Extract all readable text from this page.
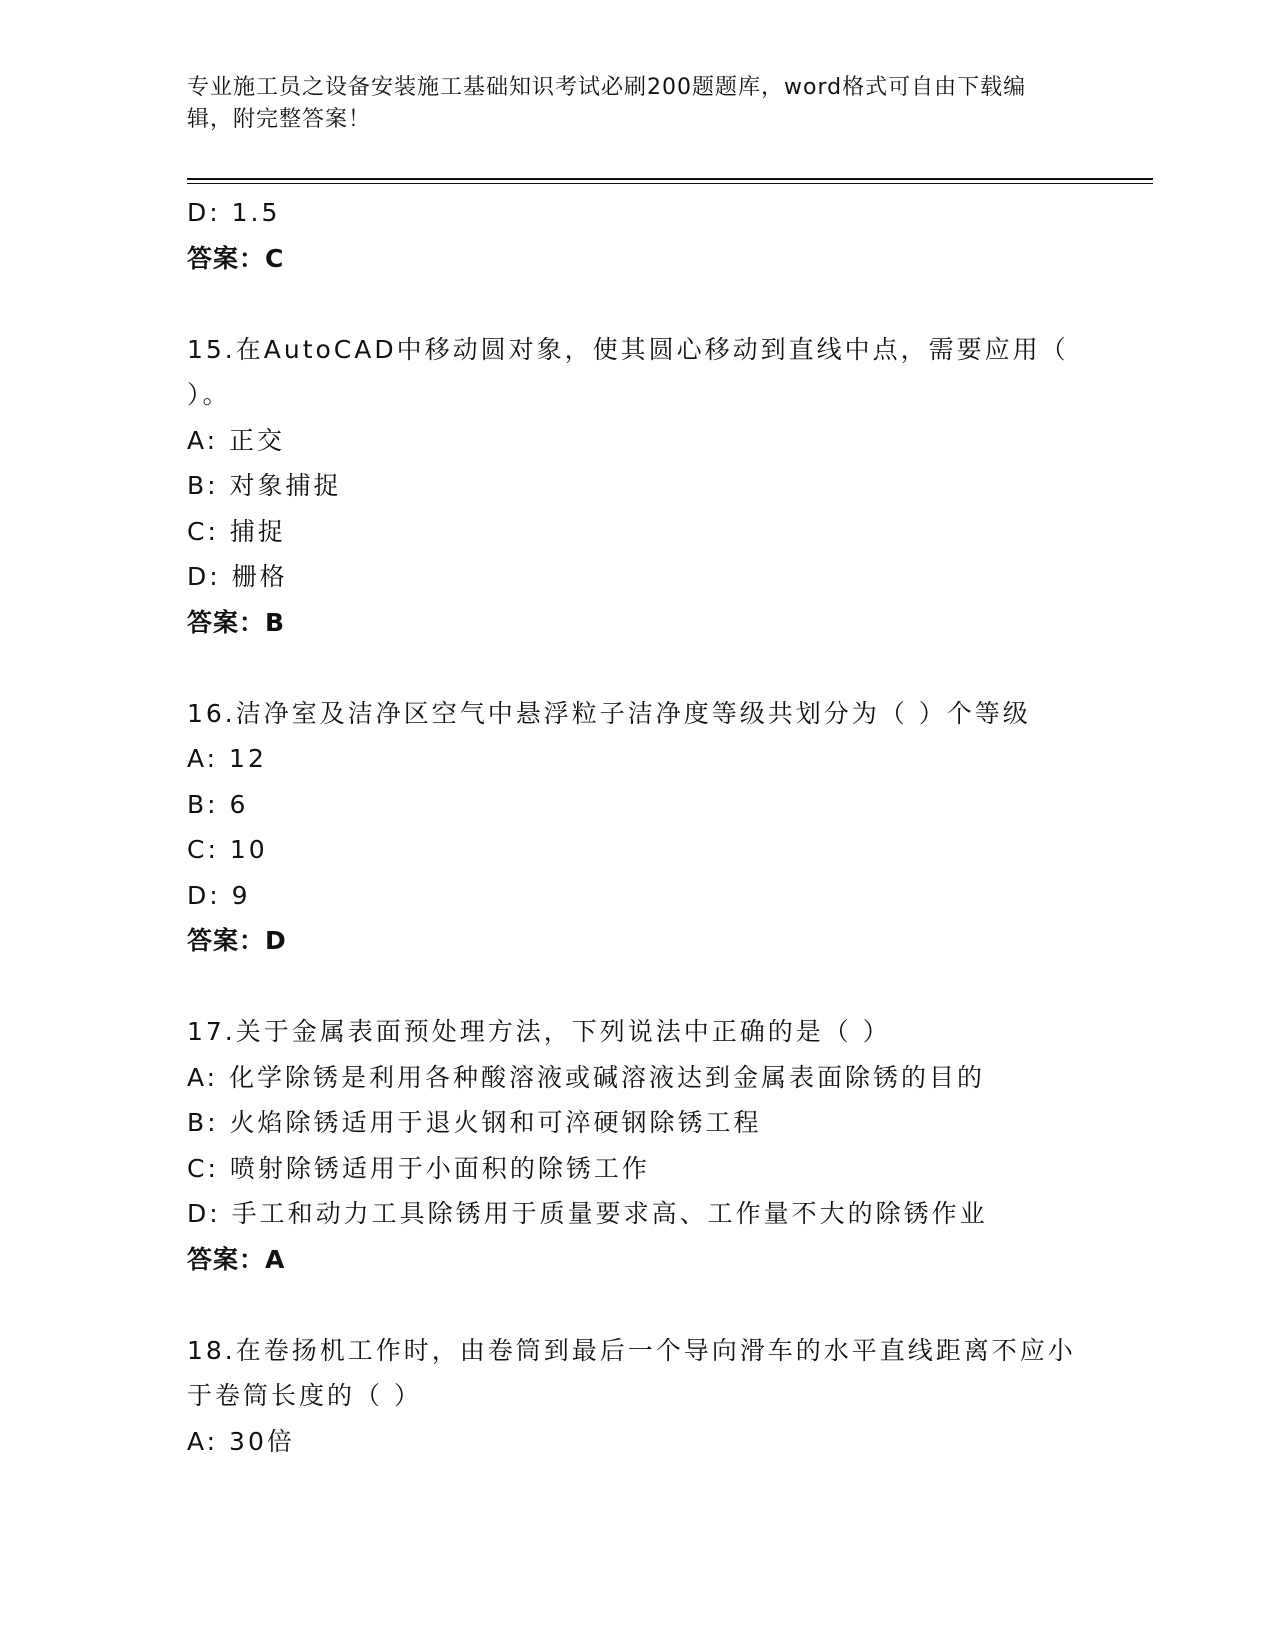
专业施工员之设备安装施工基础知识考试必刷200题题库，word格式可自由下载编辑，附完整答案！
D: 1.5
答案：C
15.在AutoCAD中移动圆对象，使其圆心移动到直线中点，需要应用（ ）。
A: 正交
B: 对象捕捉
C: 捕捉
D: 栅格
答案：B
16.洁净室及洁净区空气中悬浮粒子洁净度等级共划分为（ ）个等级
A: 12
B: 6
C: 10
D: 9
答案：D
17.关于金属表面预处理方法，下列说法中正确的是（ ）
A: 化学除锈是利用各种酸溶液或碱溶液达到金属表面除锈的目的
B: 火焰除锈适用于退火钢和可淬硬钢除锈工程
C: 喷射除锈适用于小面积的除锈工作
D: 手工和动力工具除锈用于质量要求高、工作量不大的除锈作业
答案：A
18.在卷扬机工作时，由卷筒到最后一个导向滑车的水平直线距离不应小于卷筒长度的（ ）
A: 30倍
